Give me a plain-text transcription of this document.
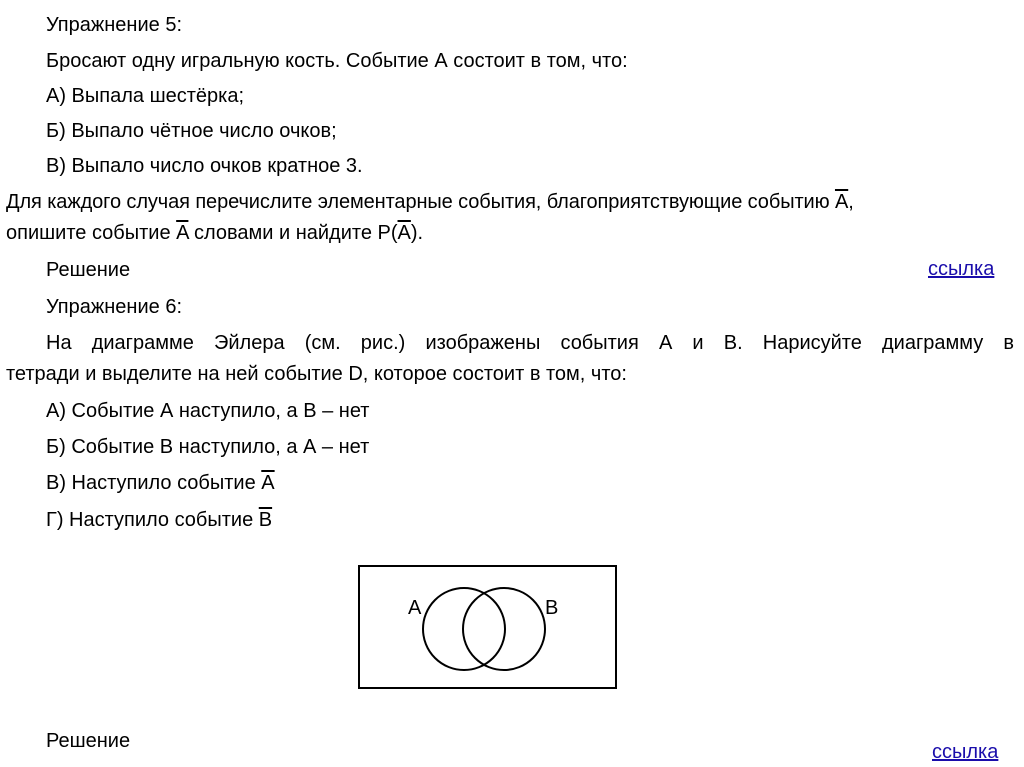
Упражнение 5:
Бросают одну игральную кость. Событие А состоит в том, что:
А) Выпала шестёрка;
Б) Выпало чётное число очков;
В) Выпало число очков кратное 3.
Для каждого случая перечислите элементарные события, благоприятствующие событию $\overline{A}$,
опишите событие $\overline{A}$ словами и найдите $P(\overline{A})$.
Решение	ссылка
Упражнение 6:
На диаграмме Эйлера (см. рис.) изображены события А и В. Нарисуйте диаграмму в
тетради и выделите на ней событие D, которое состоит в том, что:
А) Событие А наступило, а В – нет
Б) Событие В наступило, а А – нет
В) Наступило событие $\overline{A}$
Г) Наступило событие $\overline{B}$
A	B
Решение	ссылка
